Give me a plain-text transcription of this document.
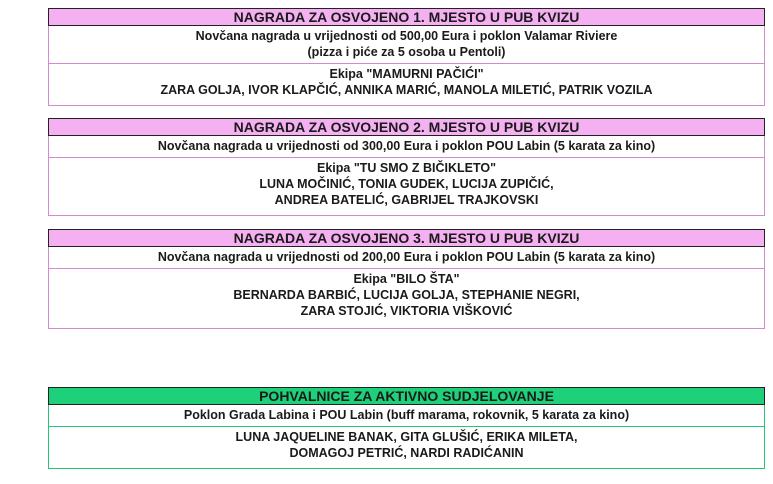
NAGRADA ZA OSVOJENO 1. MJESTO U PUB KVIZU
Novčana nagrada u vrijednosti od 500,00 Eura i poklon Valamar Riviere
(pizza i piće za 5 osoba u Pentoli)
Ekipa "MAMURNI PAČIĆI"
ZARA GOLJA, IVOR KLAPČIĆ, ANNIKA MARIĆ, MANOLA MILETIĆ, PATRIK VOZILA
NAGRADA ZA OSVOJENO 2. MJESTO U PUB KVIZU
Novčana nagrada u vrijednosti od 300,00 Eura i poklon POU Labin (5 karata za kino)
Ekipa "TU SMO Z BIČIKLETO"
LUNA MOČINIĆ, TONIA GUDEK, LUCIJA ZUPIČIĆ,
ANDREA BATELIĆ, GABRIJEL TRAJKOVSKI
NAGRADA ZA OSVOJENO 3. MJESTO U PUB KVIZU
Novčana nagrada u vrijednosti od 200,00 Eura i poklon POU Labin (5 karata za kino)
Ekipa "BILO ŠTA"
BERNARDA BARBIĆ, LUCIJA GOLJA, STEPHANIE NEGRI,
ZARA STOJIĆ, VIKTORIA VIŠKOVIĆ
POHVALNICE ZA AKTIVNO SUDJELOVANJE
Poklon Grada Labina i POU Labin (buff marama, rokovnik, 5 karata za kino)
LUNA JAQUELINE BANAK, GITA GLUŠIĆ, ERIKA MILETA,
DOMAGOJ PETRIĆ, NARDI RADIĆANIN
